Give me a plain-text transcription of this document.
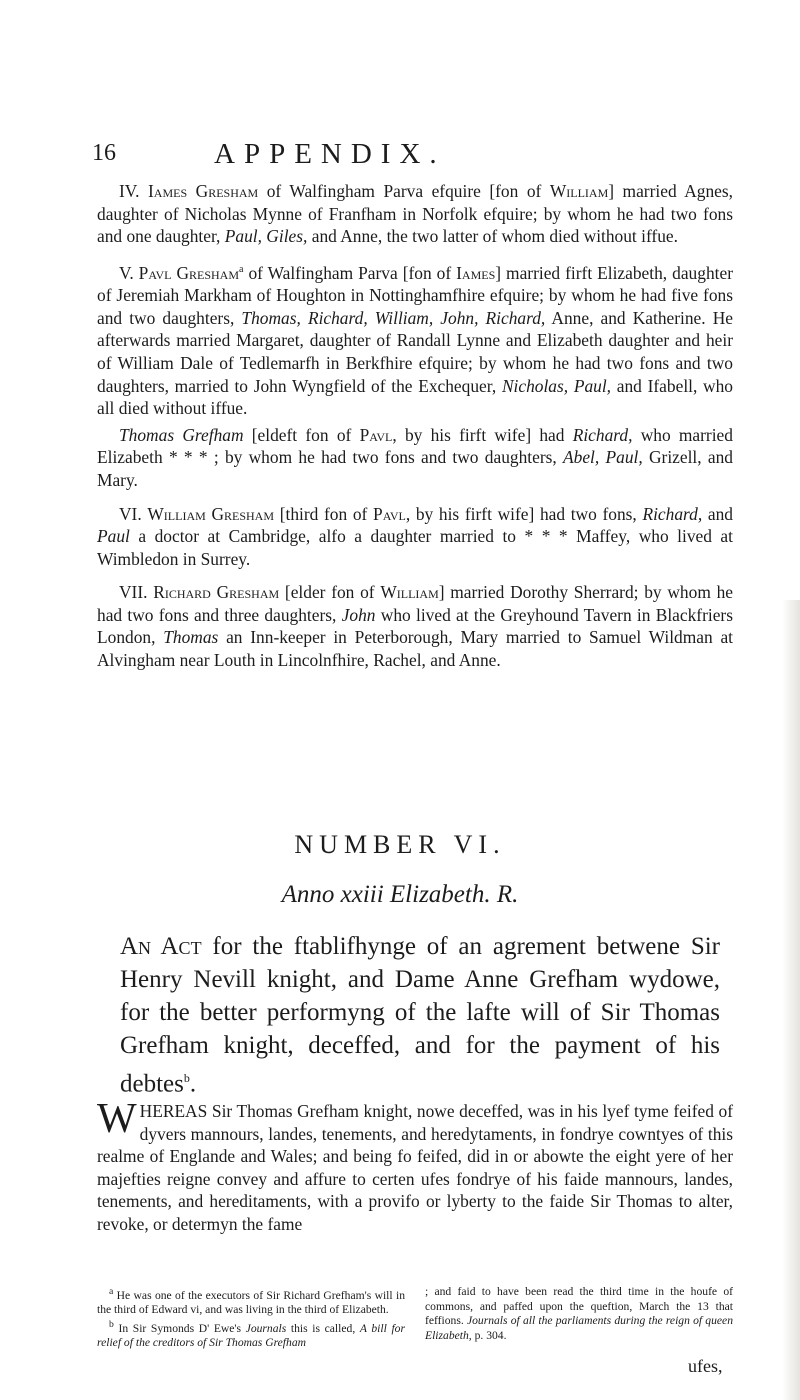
16	APPENDIX.

IV. Iames Gresham of Walfingham Parva efquire [fon of William] married Agnes, daughter of Nicholas Mynne of Franfham in Norfolk efquire; by whom he had two fons and one daughter, Paul, Giles, and Anne, the two latter of whom died without iffue.

V. Pavl Gresham$^a$ of Walfingham Parva [fon of Iames] married firft Elizabeth, daughter of Jeremiah Markham of Houghton in Nottinghamfhire efquire; by whom he had five fons and two daughters, Thomas, Richard, William, John, Richard, Anne, and Katherine. He afterwards married Margaret, daughter of Randall Lynne and Elizabeth daughter and heir of William Dale of Tedlemarfh in Berkfhire efquire; by whom he had two fons and two daughters, married to John Wyngfield of the Exchequer, Nicholas, Paul, and Ifabell, who all died without iffue.

Thomas Grefham [eldeft fon of Pavl, by his firft wife] had Richard, who married Elizabeth * * * ; by whom he had two fons and two daughters, Abel, Paul, Grizell, and Mary.

VI. William Gresham [third fon of Pavl, by his firft wife] had two fons, Richard, and Paul a doctor at Cambridge, alfo a daughter married to * * * Maffey, who lived at Wimbledon in Surrey.

VII. Richard Gresham [elder fon of William] married Dorothy Sherrard; by whom he had two fons and three daughters, John who lived at the Greyhound Tavern in Blackfriers London, Thomas an Inn-keeper in Peterborough, Mary married to Samuel Wildman at Alvingham near Louth in Lincolnfhire, Rachel, and Anne.

NUMBER VI.
Anno xxiii Elizabeth. R.
An Act for the ftablifhynge of an agrement betwene Sir Henry Nevill knight, and Dame Anne Grefham wydowe, for the better performyng of the lafte will of Sir Thomas Grefham knight, deceffed, and for the payment of his debtes$^b$.
WHEREAS Sir Thomas Grefham knight, nowe deceffed, was in his lyef tyme feifed of dyvers mannours, landes, tenements, and heredytaments, in fondrye cowntyes of this realme of Englande and Wales; and being fo feifed, did in or abowte the eight yere of her majefties reigne convey and affure to certen ufes fondrye of his faide mannours, landes, tenements, and hereditaments, with a provifo or lyberty to the faide Sir Thomas to alter, revoke, or determyn the fame

$^a$ He was one of the executors of Sir Richard Grefham's will in the third of Edward vi, and was living in the third of Elizabeth.

$^b$ In Sir Symonds D' Ewe's Journals this is called, A bill for relief of the creditors of Sir Thomas Grefham

; and faid to have been read the third time in the houfe of commons, and paffed upon the queftion, March the 13 that feffions. Journals of all the parliaments during the reign of queen Elizabeth, p. 304.

ufes,
